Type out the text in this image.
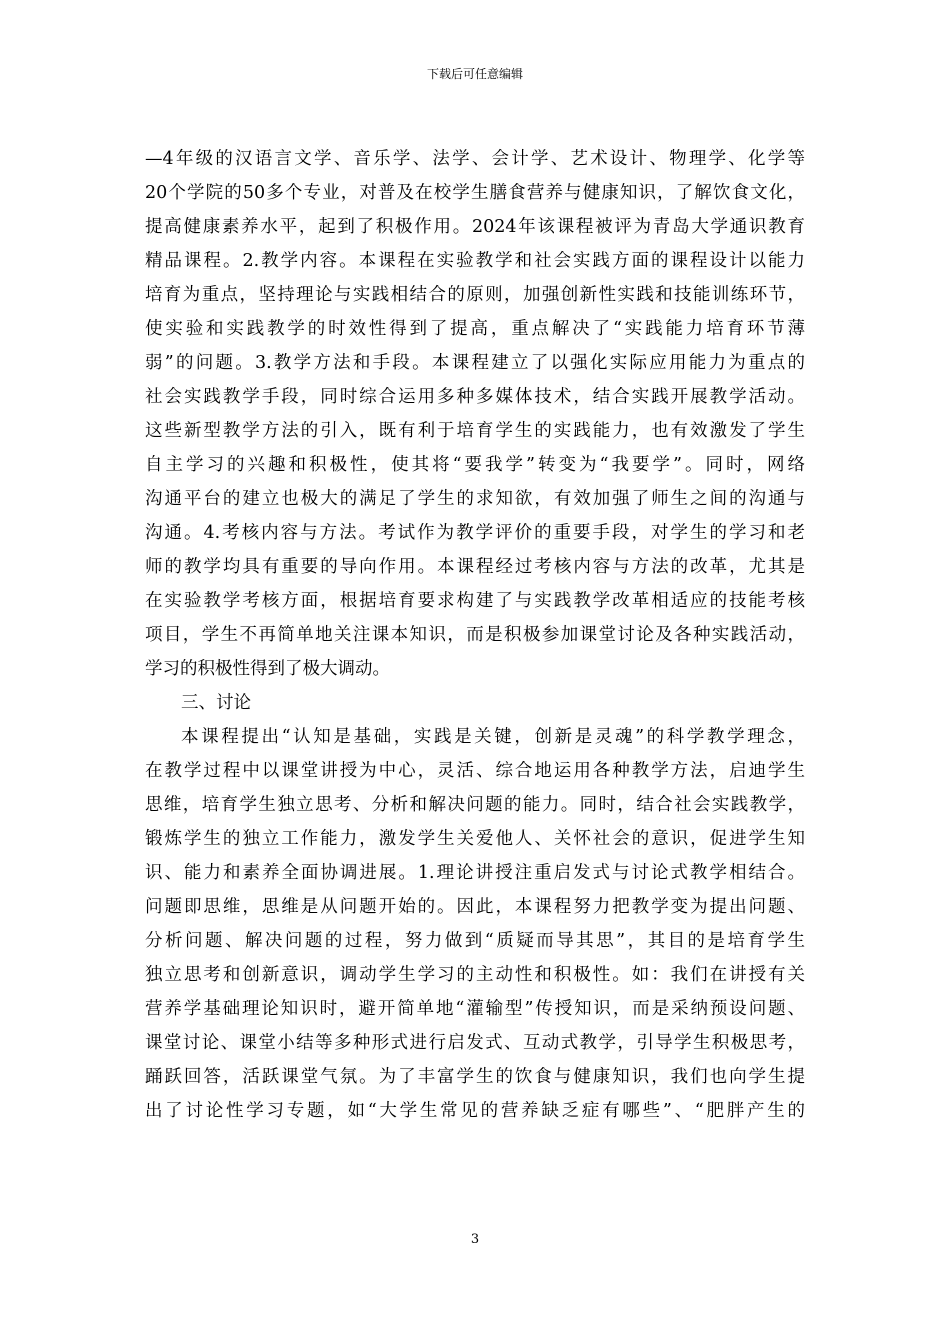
下载后可任意编辑
—4年级的汉语言文学、音乐学、法学、会计学、艺术设计、物理学、化学等
20个学院的50多个专业，对普及在校学生膳食营养与健康知识，了解饮食文化，
提高健康素养水平，起到了积极作用。2024年该课程被评为青岛大学通识教育
精品课程。2.教学内容。本课程在实验教学和社会实践方面的课程设计以能力
培育为重点，坚持理论与实践相结合的原则，加强创新性实践和技能训练环节，
使实验和实践教学的时效性得到了提高，重点解决了“实践能力培育环节薄
弱”的问题。3.教学方法和手段。本课程建立了以强化实际应用能力为重点的
社会实践教学手段，同时综合运用多种多媒体技术，结合实践开展教学活动。
这些新型教学方法的引入，既有利于培育学生的实践能力，也有效激发了学生
自主学习的兴趣和积极性，使其将“要我学”转变为“我要学”。同时，网络
沟通平台的建立也极大的满足了学生的求知欲，有效加强了师生之间的沟通与
沟通。4.考核内容与方法。考试作为教学评价的重要手段，对学生的学习和老
师的教学均具有重要的导向作用。本课程经过考核内容与方法的改革，尤其是
在实验教学考核方面，根据培育要求构建了与实践教学改革相适应的技能考核
项目，学生不再简单地关注课本知识，而是积极参加课堂讨论及各种实践活动，
学习的积极性得到了极大调动。
三、讨论
本课程提出“认知是基础，实践是关键，创新是灵魂”的科学教学理念，
在教学过程中以课堂讲授为中心，灵活、综合地运用各种教学方法，启迪学生
思维，培育学生独立思考、分析和解决问题的能力。同时，结合社会实践教学，
锻炼学生的独立工作能力，激发学生关爱他人、关怀社会的意识，促进学生知
识、能力和素养全面协调进展。1.理论讲授注重启发式与讨论式教学相结合。
问题即思维，思维是从问题开始的。因此，本课程努力把教学变为提出问题、
分析问题、解决问题的过程，努力做到“质疑而导其思”，其目的是培育学生
独立思考和创新意识，调动学生学习的主动性和积极性。如：我们在讲授有关
营养学基础理论知识时，避开简单地“灌输型”传授知识，而是采纳预设问题、
课堂讨论、课堂小结等多种形式进行启发式、互动式教学，引导学生积极思考，
踊跃回答，活跃课堂气氛。为了丰富学生的饮食与健康知识，我们也向学生提
出了讨论性学习专题，如“大学生常见的营养缺乏症有哪些”、“肥胖产生的
3
